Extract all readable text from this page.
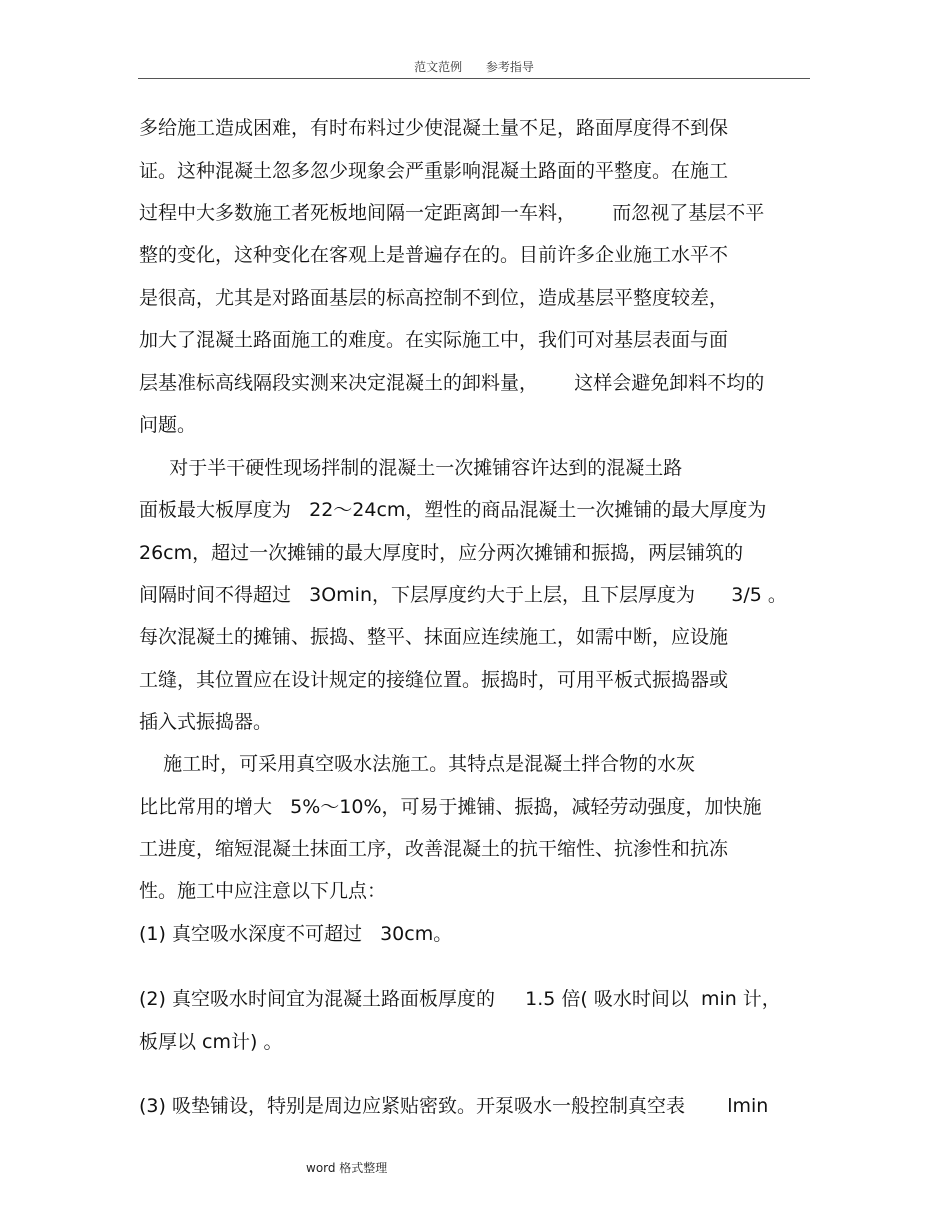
范文范例 参考指导
多给施工造成困难，有时布料过少使混凝土量不足，路面厚度得不到保
证。这种混凝土忽多忽少现象会严重影响混凝土路面的平整度。在施工
过程中大多数施工者死板地间隔一定距离卸一车料，      而忽视了基层不平
整的变化，这种变化在客观上是普遍存在的。目前许多企业施工水平不
是很高，尤其是对路面基层的标高控制不到位，造成基层平整度较差，
加大了混凝土路面施工的难度。在实际施工中，我们可对基层表面与面
层基准标高线隔段实测来决定混凝土的卸料量，      这样会避免卸料不均的
问题。
对于半干硬性现场拌制的混凝土一次摊铺容许达到的混凝土路
面板最大板厚度为   22～24cm，塑性的商品混凝土一次摊铺的最大厚度为
26cm，超过一次摊铺的最大厚度时，应分两次摊铺和振捣，两层铺筑的
间隔时间不得超过   3Omin，下层厚度约大于上层，且下层厚度为      3/5 。
每次混凝土的摊铺、振捣、整平、抹面应连续施工，如需中断，应设施
工缝，其位置应在设计规定的接缝位置。振捣时，可用平板式振捣器或
插入式振捣器。
施工时，可采用真空吸水法施工。其特点是混凝土拌合物的水灰
比比常用的增大   5%～10%，可易于摊铺、振捣，减轻劳动强度，加快施
工进度，缩短混凝土抹面工序，改善混凝土的抗干缩性、抗渗性和抗冻
性。施工中应注意以下几点：
(1) 真空吸水深度不可超过   30cm。
(2) 真空吸水时间宜为混凝土路面板厚度的     1.5 倍( 吸水时间以  min 计，
板厚以 cm计) 。
(3) 吸垫铺设，特别是周边应紧贴密致。开泵吸水一般控制真空表       lmin
word 格式整理
